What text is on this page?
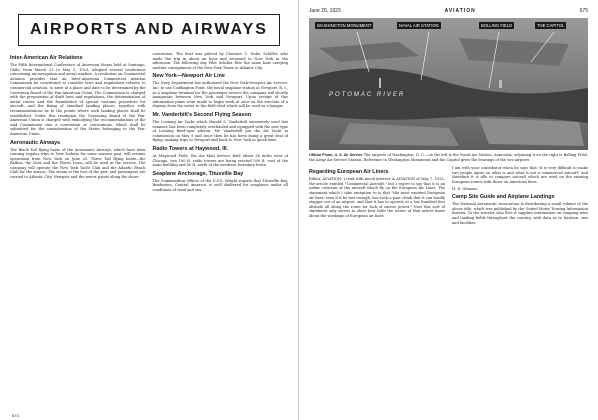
AIRPORTS AND AIRWAYS
Inter-American Air Relations

The Fifth International Conference of American States held at Santiago, Chile, from March 25 to May 3, 1923, adopted several resolutions concerning air navigation and aerial warfare. A resolution on Commercial Aviation provides that an Inter-American Commercial Aviation Commission be constituted to consider laws and regulations relative to commercial aviation, to meet at a place and date to be determined by the Governing Board of the Pan-American Union. The Commission is charged with the preparation of draft laws and regulations, the determination of aerial routes and the formulation of special customs procedure for aircraft, and the fixing of standard landing places, together with recommendations as to the points where such landing places shall be established. Under this resolution the Governing Board of the Pan-American Union is charged with embodying the recommendations of the said Commission into a convention or conventions, which shall be submitted for the consideration of the States belonging to the Pan-American Union.

Aeronautic Airways

The Black Tail flying boats of the Aeronautic Airways, which have been running regular trips to New Yorkers for some seasons past, will resume operations from New York on June 25. Three Tail flying boats—the Balboa, the Nola and the Flores Leon—will be used in the service. The company will operate the New York Yacht Club and the Atlantic Beach Club for the season. The steam at the foot of the pier, and passengers are carried to Atlantic City, Newport and the resort points along the shore.

convention. The boat was piloted by Clarence C. Duke, Schiller, who made the trip in about an hour and returned to New York in the afternoon. The following day Pilot Schiller flew the same boat carrying another consignment of the New York Times to Atlantic City.

New York—Newport Air Line

The Navy Department has authorized the New York-Newport Air Service, Inc. to use Coddington Point, the naval seaplane station at Newport, R. I., as a seaplane terminal for the passenger service the company will shortly inaugurate between New York and Newport. Upon receipt of this information plans were made to begin work at once on the erection of a slipway from the water to the field shed which will be used as a hangar.

Mr. Vanderbilt's Second Flying Season

The Loening Air Yacht which Harold S. Vanderbilt extensively used last summer, has been completely overhauled and equipped with the new type of Loening fixed-spar aileron. Mr. Vanderbilt put the Air Yacht in commission on May 9 and since then he has been doing a great deal of flying, making trips to Newport and back to New York in quick time.

Radio Towers at Haywood, Ill.

At Maywood Field, the Air Mail Service field about 24 miles west of Chicago, two 100 ft. radio towers are being erected 500 ft. east of the main building and 60 ft. north of the southern boundary fence.

Seaplane Anchorage, Titusville Bay

The Commanding Officer of the U.S.S. Wright reports that Titusville Bay, Bradenton, Central America, is well sheltered for seaplanes under all conditions of wind and sea.

674
June 20, 1923	AVIATION	675
WASHINGTON MONUMENT	NAVAL AIR STATION	BOLLING FIELD	THE CAPITOL
POTOMAC RIVER

Official Photo, U. S. Air Service The airports of Washington, D. C.—on the left is the Naval Air Station, Anacostia; adjoining it on the right is Bolling Field, the Army Air Service Station. Reference to Washington Monument and the Capitol gives the bearings of the two airports

Regarding European Air Liners

Editor, AVIATION: I read with much interest in AVIATION of May 7, 1923, the article entitled "Commercial Aircraft," but I regret to say that it is an unfair criticism of the aircraft which fly on the European Air Lines. The statement which I take exception to is that "the most vaunted European air liner, even if it be fast enough, has such a poor climb that it can hardly stagger out of an airport, and that it has to operate at a low hundred feet altitude all along the route for lack of excess power." Now this sort of statement only serves to show how little the writer of that article knew about the workings of European air lines.

I am with your contributor when he says that "it is very difficult to make two people agree on what is and what is not a commercial aircraft" and therefore it is idle to compare aircraft which are used on the existing European routes with those on American lines.

H. R. Gilmour

Camp Site Guide and Airplane Landings

The National Aeronautic Association is distributing a small volume of the above title, which was published by the United Motor Touring Information Bureau. To the traveler who flies it supplies information on camping sites and landing fields throughout the country, with data as to location, size and facilities.
